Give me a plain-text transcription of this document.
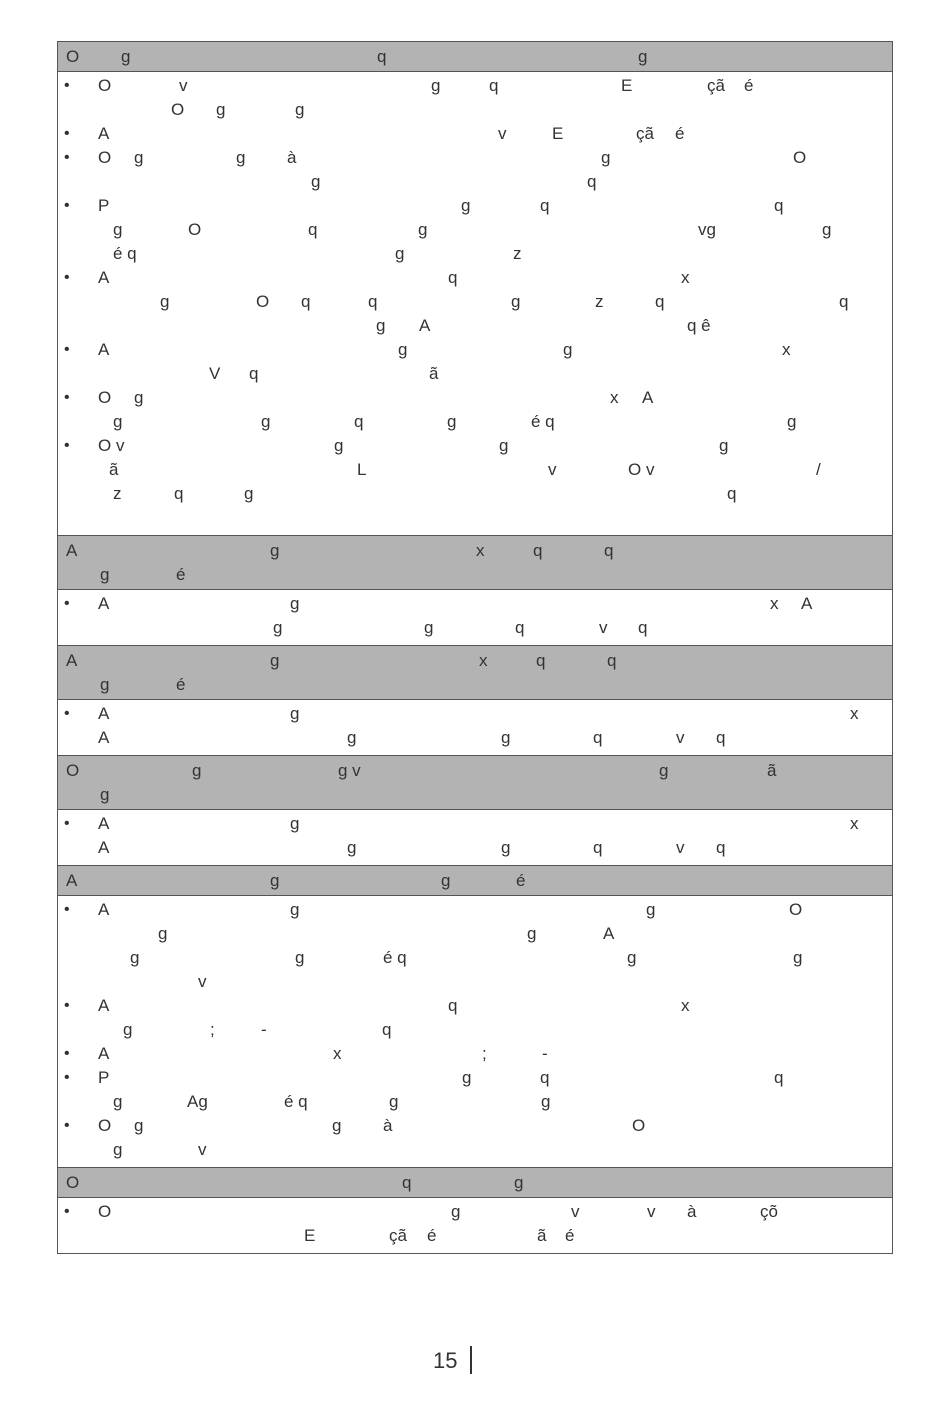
O

g

	q

	g

•

O

	v

	g

	q

	E

	çã

é

O

g

	g

•

A

	v

	E

	çã

é

•

O

g

	g

à

	g

	O

g

	q

•

P

	g

	q

	q

g

	O

	q

	g

	vg

	g

é q

	g

	z

•

A

	q

	x

g

	O

q

	q

	g

	z

	q

	q

g

A

	q ê

•

A

	g

	g

	x

V

q

	ã

•

O

g

	x

A

g

	g

	q

	g

	é q

	g

•

O v

	g

	g

	g

ã

	L

	v

	O v

	/

z

	q

	g

	q

A

	g

	x

	q

	q

g

	é

•

A

	g

	x

A

g

	g

	q

	v

q

A

	g

	x

	q

	q

g

	é

•

A

	g

	x

A

	g

	g

	q

	v

q

O

	g

	g v

	g

	ã

g

•

A

	g

	x

A

	g

	g

	q

	v

q

A

	g

	g

	é

•

A

	g

	g

	O

g

	g

	A

g

	g

	é q

	g

	g

v

•

A

	q

	x

g

	;

	-

	q

•

A

	x

	;

	-

•

P

	g

	q

	q

g

	Ag

	é q

	g

	g

•

O

g

	g

à

	O

g

	v

O

	q

	g

•

O

	g

	v

	v

à

	çõ

E

	çã

é

	ã

é

15
